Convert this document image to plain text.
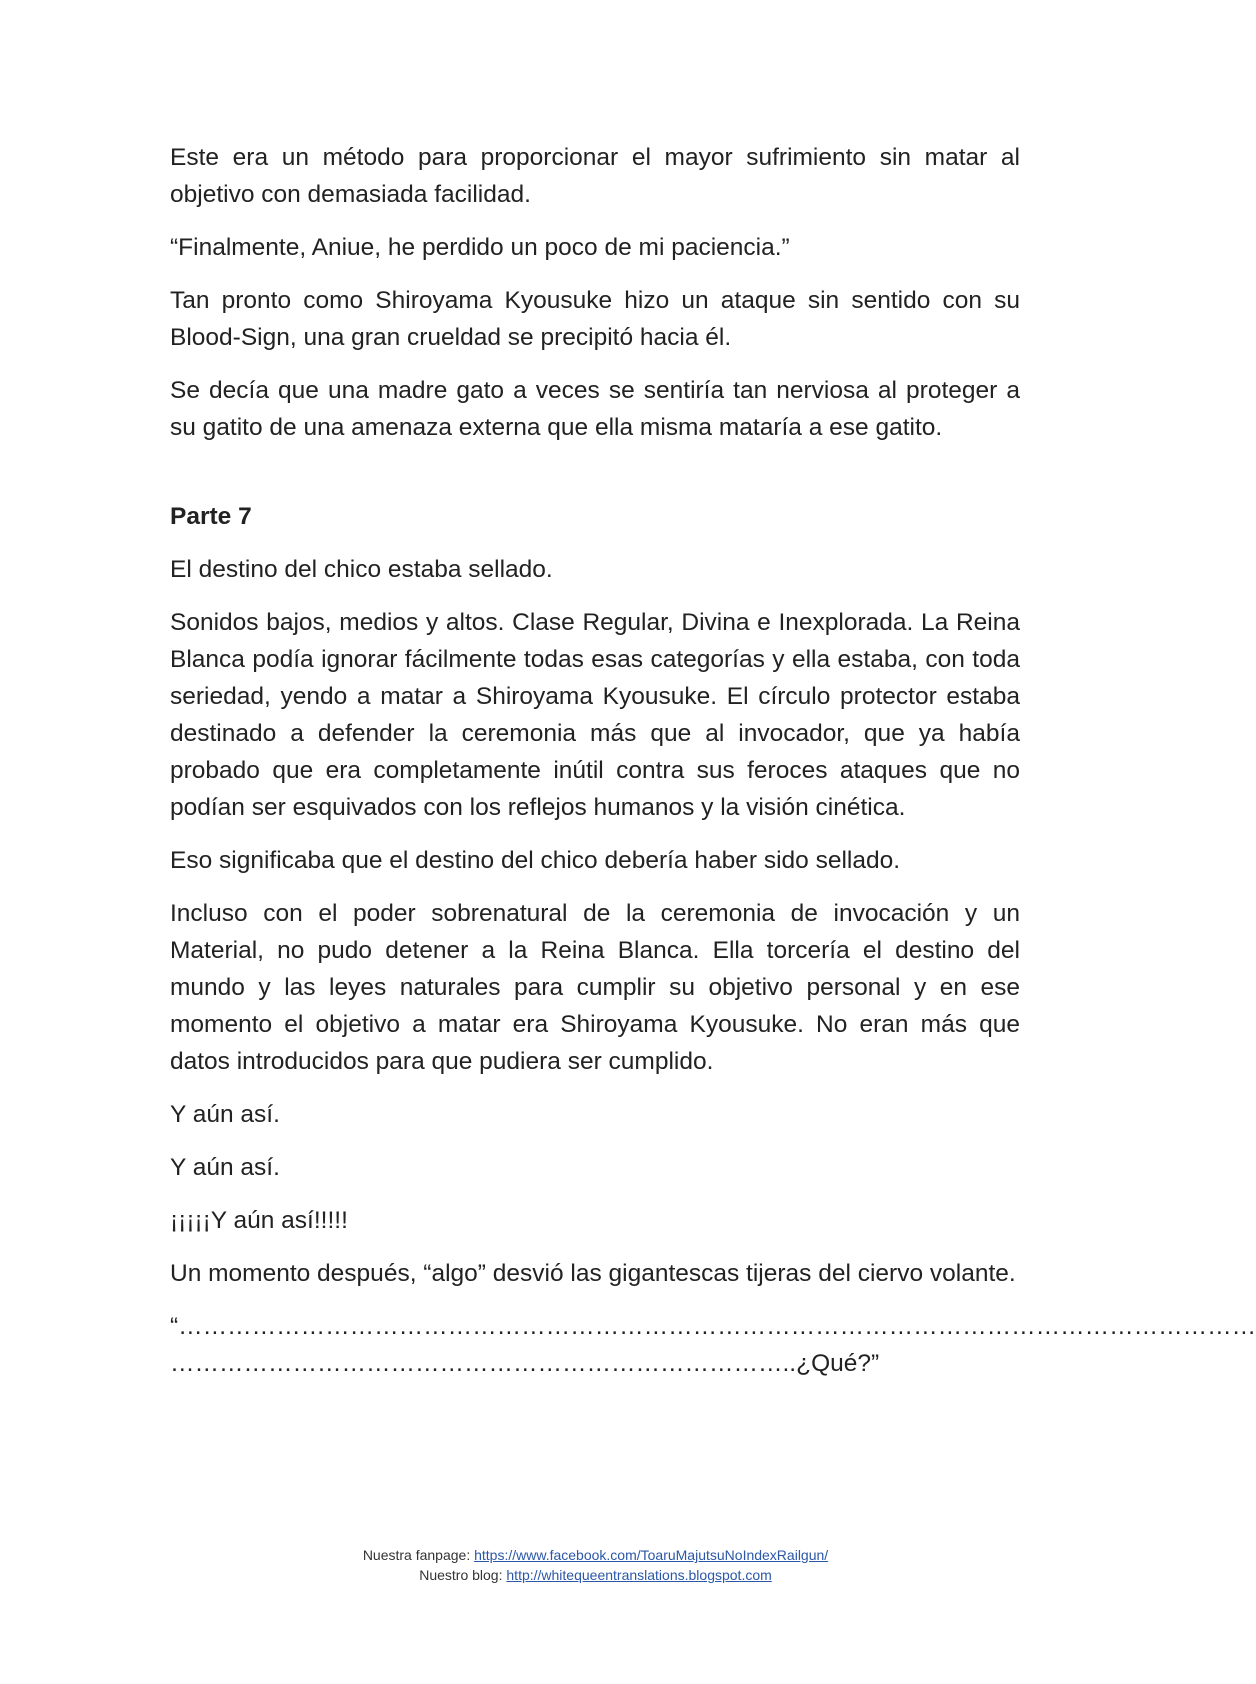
Este era un método para proporcionar el mayor sufrimiento sin matar al objetivo con demasiada facilidad.

“Finalmente, Aniue, he perdido un poco de mi paciencia.”

Tan pronto como Shiroyama Kyousuke hizo un ataque sin sentido con su Blood-Sign, una gran crueldad se precipitó hacia él.

Se decía que una madre gato a veces se sentiría tan nerviosa al proteger a su gatito de una amenaza externa que ella misma mataría a ese gatito.

Parte 7

El destino del chico estaba sellado.

Sonidos bajos, medios y altos. Clase Regular, Divina e Inexplorada. La Reina Blanca podía ignorar fácilmente todas esas categorías y ella estaba, con toda seriedad, yendo a matar a Shiroyama Kyousuke. El círculo protector estaba destinado a defender la ceremonia más que al invocador, que ya había probado que era completamente inútil contra sus feroces ataques que no podían ser esquivados con los reflejos humanos y la visión cinética.

Eso significaba que el destino del chico debería haber sido sellado.

Incluso con el poder sobrenatural de la ceremonia de invocación y un Material, no pudo detener a la Reina Blanca. Ella torcería el destino del mundo y las leyes naturales para cumplir su objetivo personal y en ese momento el objetivo a matar era Shiroyama Kyousuke. No eran más que datos introducidos para que pudiera ser cumplido.

Y aún así.

Y aún así.

¡¡¡¡¡Y aún así!!!!!

Un momento después, “algo” desvió las gigantescas tijeras del ciervo volante.

“……………………………………………………………………………………………………………………

…………………………………………………………………..¿Qué?”

Nuestra fanpage: https://www.facebook.com/ToaruMajutsuNoIndexRailgun/
Nuestro blog: http://whitequeentranslations.blogspot.com
